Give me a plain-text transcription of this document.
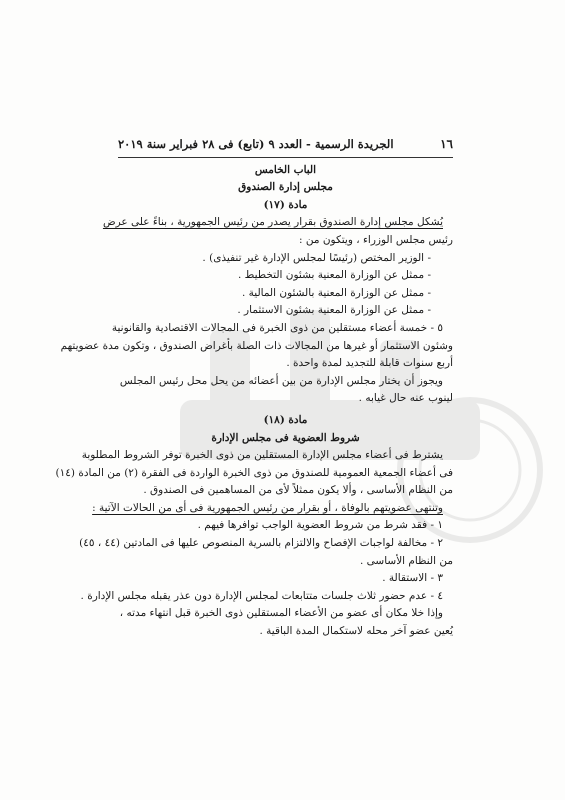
١٦
الجريدة الرسمية - العدد ٩ (تابع) فى ٢٨ فبراير سنة ٢٠١٩
الباب الخامس
مجلس إدارة الصندوق
مادة (١٧)
يُشكل مجلس إدارة الصندوق بقرار يصدر من رئيس الجمهورية ، بناءً على عرض
رئيس مجلس الوزراء ، ويتكون من :
- الوزير المختص (رئيسًا لمجلس الإدارة غير تنفيذى) .
- ممثل عن الوزارة المعنية بشئون التخطيط .
- ممثل عن الوزارة المعنية بالشئون المالية .
- ممثل عن الوزارة المعنية بشئون الاستثمار .
٥ - خمسة أعضاء مستقلين من ذوى الخبرة فى المجالات الاقتصادية والقانونية
وشئون الاستثمار أو غيرها من المجالات ذات الصلة بأغراض الصندوق ، وتكون مدة عضويتهم
أربع سنوات قابلة للتجديد لمدة واحدة .
ويجوز أن يختار مجلس الإدارة من بين أعضائه من يحل محل رئيس المجلس
لينوب عنه حال غيابه .
مادة (١٨)
شروط العضوية فى مجلس الإدارة
يشترط فى أعضاء مجلس الإدارة المستقلين من ذوى الخبرة توفر الشروط المطلوبة
فى أعضاء الجمعية العمومية للصندوق من ذوى الخبرة الواردة فى الفقرة (٢) من المادة (١٤)
من النظام الأساسى ، وألا يكون ممثلاً لأى من المساهمين فى الصندوق .
وتنتهى عضويتهم بالوفاة ، أو بقرار من رئيس الجمهورية فى أى من الحالات الآتية :
١ - فقد شرط من شروط العضوية الواجب توافرها فيهم .
٢ - مخالفة لواجبات الإفصاح والالتزام بالسرية المنصوص عليها فى المادتين (٤٤ ، ٤٥)
من النظام الأساسى .
٣ - الاستقالة .
٤ - عدم حضور ثلاث جلسات متتابعات لمجلس الإدارة دون عذر يقبله مجلس الإدارة .
وإذا خلا مكان أى عضو من الأعضاء المستقلين ذوى الخبرة قبل انتهاء مدته ،
يُعين عضو آخر محله لاستكمال المدة الباقية .
